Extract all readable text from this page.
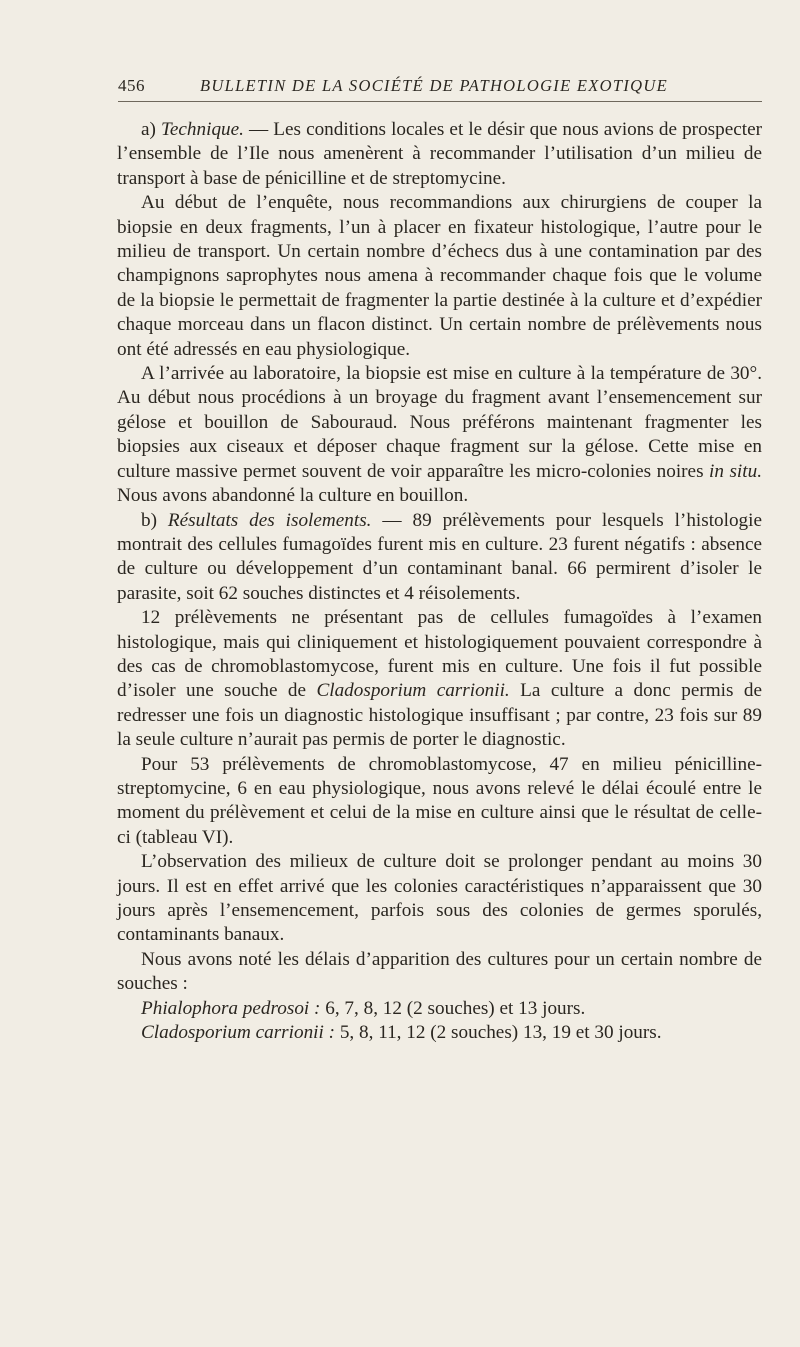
456	BULLETIN DE LA SOCIÉTÉ DE PATHOLOGIE EXOTIQUE

a) Technique. — Les conditions locales et le désir que nous avions de prospecter l’ensemble de l’Ile nous amenèrent à recommander l’utilisation d’un milieu de transport à base de pénicilline et de streptomycine.

Au début de l’enquête, nous recommandions aux chirurgiens de couper la biopsie en deux fragments, l’un à placer en fixateur histologique, l’autre pour le milieu de transport. Un certain nombre d’échecs dus à une contamination par des champignons saprophytes nous amena à recommander chaque fois que le volume de la biopsie le permettait de fragmenter la partie destinée à la culture et d’expédier chaque morceau dans un flacon distinct. Un certain nombre de prélèvements nous ont été adressés en eau physiologique.

A l’arrivée au laboratoire, la biopsie est mise en culture à la température de 30°. Au début nous procédions à un broyage du fragment avant l’ensemencement sur gélose et bouillon de Sabouraud. Nous préférons maintenant fragmenter les biopsies aux ciseaux et déposer chaque fragment sur la gélose. Cette mise en culture massive permet souvent de voir apparaître les micro-colonies noires in situ. Nous avons abandonné la culture en bouillon.

b) Résultats des isolements. — 89 prélèvements pour lesquels l’histologie montrait des cellules fumagoïdes furent mis en culture. 23 furent négatifs : absence de culture ou développement d’un contaminant banal. 66 permirent d’isoler le parasite, soit 62 souches distinctes et 4 réisolements.

12 prélèvements ne présentant pas de cellules fumagoïdes à l’examen histologique, mais qui cliniquement et histologiquement pouvaient correspondre à des cas de chromoblastomycose, furent mis en culture. Une fois il fut possible d’isoler une souche de Cladosporium carrionii. La culture a donc permis de redresser une fois un diagnostic histologique insuffisant ; par contre, 23 fois sur 89 la seule culture n’aurait pas permis de porter le diagnostic.

Pour 53 prélèvements de chromoblastomycose, 47 en milieu pénicilline-streptomycine, 6 en eau physiologique, nous avons relevé le délai écoulé entre le moment du prélèvement et celui de la mise en culture ainsi que le résultat de celle-ci (tableau VI).

L’observation des milieux de culture doit se prolonger pendant au moins 30 jours. Il est en effet arrivé que les colonies caractéristiques n’apparaissent que 30 jours après l’ensemencement, parfois sous des colonies de germes sporulés, contaminants banaux.

Nous avons noté les délais d’apparition des cultures pour un certain nombre de souches :

Phialophora pedrosoi : 6, 7, 8, 12 (2 souches) et 13 jours.

Cladosporium carrionii : 5, 8, 11, 12 (2 souches) 13, 19 et 30 jours.
